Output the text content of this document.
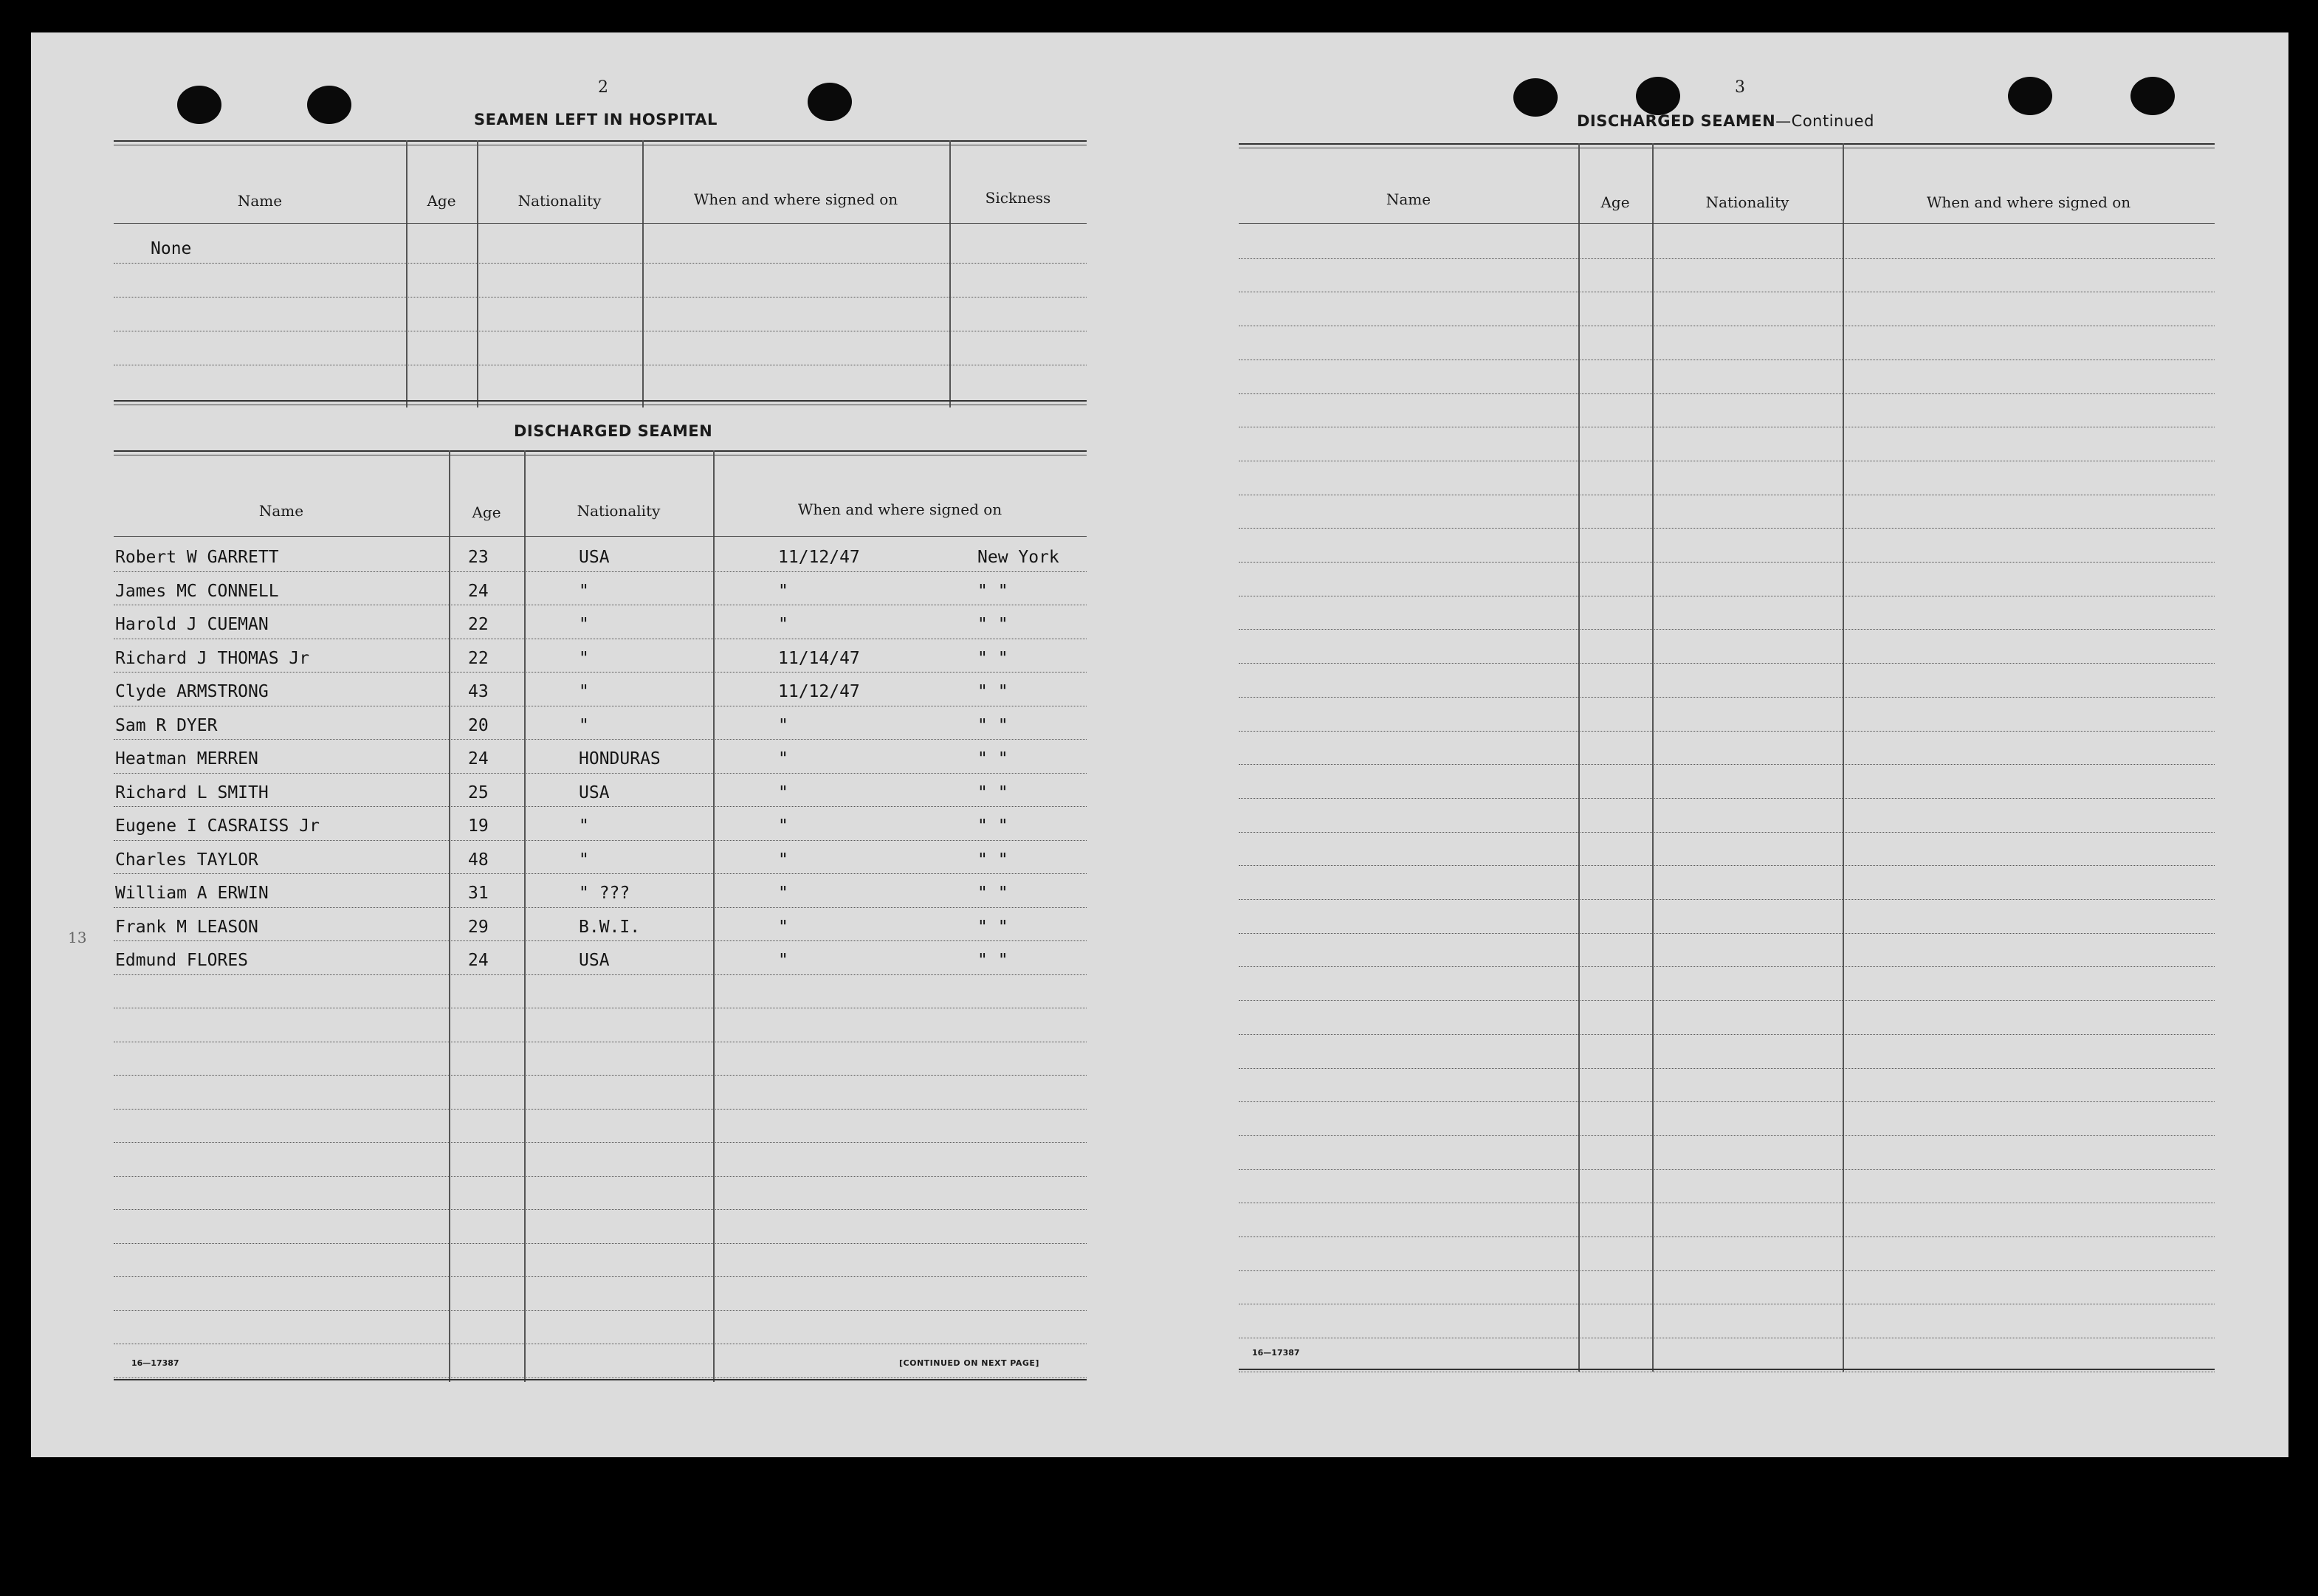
2
SEAMEN LEFT IN HOSPITAL
Name	Age	Nationality	When and where signed on	Sickness
None
DISCHARGED SEAMEN
Name	Age	Nationality	When and where signed on
Robert W GARRETT	23	USA	11/12/47	New York
James MC CONNELL	24	"	"	" "
Harold J CUEMAN	22	"	"	" "
Richard J THOMAS Jr	22	"	11/14/47	" "
Clyde ARMSTRONG	43	"	11/12/47	" "
Sam R DYER	20	"	"	" "
Heatman MERREN	24	HONDURAS	"	" "
Richard L SMITH	25	USA	"	" "
Eugene I CASRAISS Jr	19	"	"	" "
Charles TAYLOR	48	"	"	" "
William A ERWIN	31	" ???	"	" "
Frank M LEASON	29	B.W.I.	"	" "
Edmund FLORES	24	USA	"	" "
13
16—17387	[CONTINUED ON NEXT PAGE]
3
DISCHARGED SEAMEN—Continued
Name	Age	Nationality	When and where signed on
16—17387
